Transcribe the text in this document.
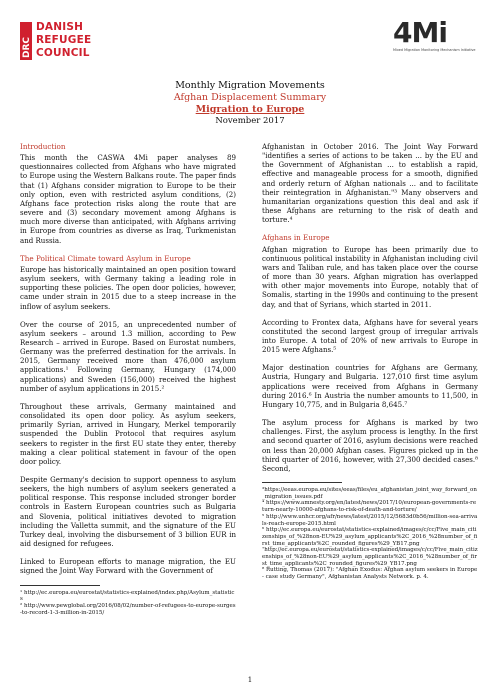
DRC
DANISH
REFUGEE
COUNCIL
4Mi
Mixed Migration Monitoring Mechanism Initiative
Monthly Migration Movements
Afghan Displacement Summary
Migration to Europe
November 2017
Introduction

This month the CASWA 4Mi paper analyses 89 questionnaires collected from Afghans who have migrated to Europe using the Western Balkans route. The paper finds that (1) Afghans consider migration to Europe to be their only option, even with restricted asylum conditions, (2) Afghans face protection risks along the route that are severe and (3) secondary movement among Afghans is much more diverse than anticipated, with Afghans arriving in Europe from countries as diverse as Iraq, Turkmenistan and Russia.

The Political Climate toward Asylum in Europe

Europe has historically maintained an open position toward asylum seekers, with Germany taking a leading role in supporting these policies. The open door policies, however, came under strain in 2015 due to a steep increase in the inflow of asylum seekers.

Over the course of 2015, an unprecedented number of asylum seekers – around 1.3 million, according to Pew Research – arrived in Europe. Based on Eurostat numbers, Germany was the preferred destination for the arrivals. In 2015, Germany received more than 476,000 asylum applications.¹ Following Germany, Hungary (174,000 applications) and Sweden (156,000) received the highest number of asylum applications in 2015.²

Throughout these arrivals, Germany maintained and consolidated its open door policy. As asylum seekers, primarily Syrian, arrived in Hungary, Merkel temporarily suspended the Dublin Protocol that requires asylum seekers to register in the first EU state they enter, thereby making a clear political statement in favour of the open door policy.

Despite Germany's decision to support openness to asylum seekers, the high numbers of asylum seekers generated a political response. This response included stronger border controls in Eastern European countries such as Bulgaria and Slovenia, political initiatives devoted to migration including the Valletta summit, and the signature of the EU Turkey deal, involving the disbursement of 3 billion EUR in aid designed for refugees.

Linked to European efforts to manage migration, the EU signed the Joint Way Forward with the Government of

¹ http://ec.europa.eu/eurostat/statistics-explained/index.php/Asylum_statistics
² http://www.pewglobal.org/2016/08/02/number-of-refugees-to-europe-surges-to-record-1-3-million-in-2015/

Afghanistan in October 2016. The Joint Way Forward "identifies a series of actions to be taken ... by the EU and the Government of Afghanistan ... to establish a rapid, effective and manageable process for a smooth, dignified and orderly return of Afghan nationals ... and to facilitate their reintegration in Afghanistan."³ Many observers and humanitarian organizations question this deal and ask if these Afghans are returning to the risk of death and torture.⁴

Afghans in Europe

Afghan migration to Europe has been primarily due to continuous political instability in Afghanistan including civil wars and Taliban rule, and has taken place over the course of more than 30 years. Afghan migration has overlapped with other major movements into Europe, notably that of Somalis, starting in the 1990s and continuing to the present day, and that of Syrians, which started in 2011.

According to Frontex data, Afghans have for several years constituted the second largest group of irregular arrivals into Europe. A total of 20% of new arrivals to Europe in 2015 were Afghans.⁵

Major destination countries for Afghans are Germany, Austria, Hungary and Bulgaria. 127,010 first time asylum applications were received from Afghans in Germany during 2016.⁶ In Austria the number amounts to 11,500, in Hungary 10,775, and in Bulgaria 8,645.⁷

The asylum process for Afghans is marked by two challenges. First, the asylum process is lengthy. In the first and second quarter of 2016, asylum decisions were reached on less than 20,000 Afghan cases. Figures picked up in the third quarter of 2016, however, with 27,300 decided cases.⁸ Second,

³https://eeas.europa.eu/sites/eeas/files/eu_afghanistan_joint_way_forward_on_migration_issues.pdf
⁴ https://www.amnesty.org/en/latest/news/2017/10/european-governments-return-nearly-10000-afghans-to-risk-of-death-and-torture/
⁵ http://www.unhcr.org/afr/news/latest/2015/12/5683d0b56/million-sea-arrivals-reach-europe-2015.html
⁶ http://ec.europa.eu/eurostat/statistics-explained/images/c/cc/Five_main_citizenships_of_%28non-EU%29_asylum_applicants%2C_2016_%28number_of_first_time_applicants%2C_rounded_figures%29_YB17.png
⁷http://ec.europa.eu/eurostat/statistics-explained/images/c/cc/Five_main_citizenships_of_%28non-EU%29_asylum_applicants%2C_2016_%28number_of_first_time_applicants%2C_rounded_figures%29_YB17.png
⁸ Rutting, Thomas (2017): "Afghan Exodus: Afghan asylum seekers in Europe - case study Germany", Afghanistan Analysts Network. p. 4.
1
